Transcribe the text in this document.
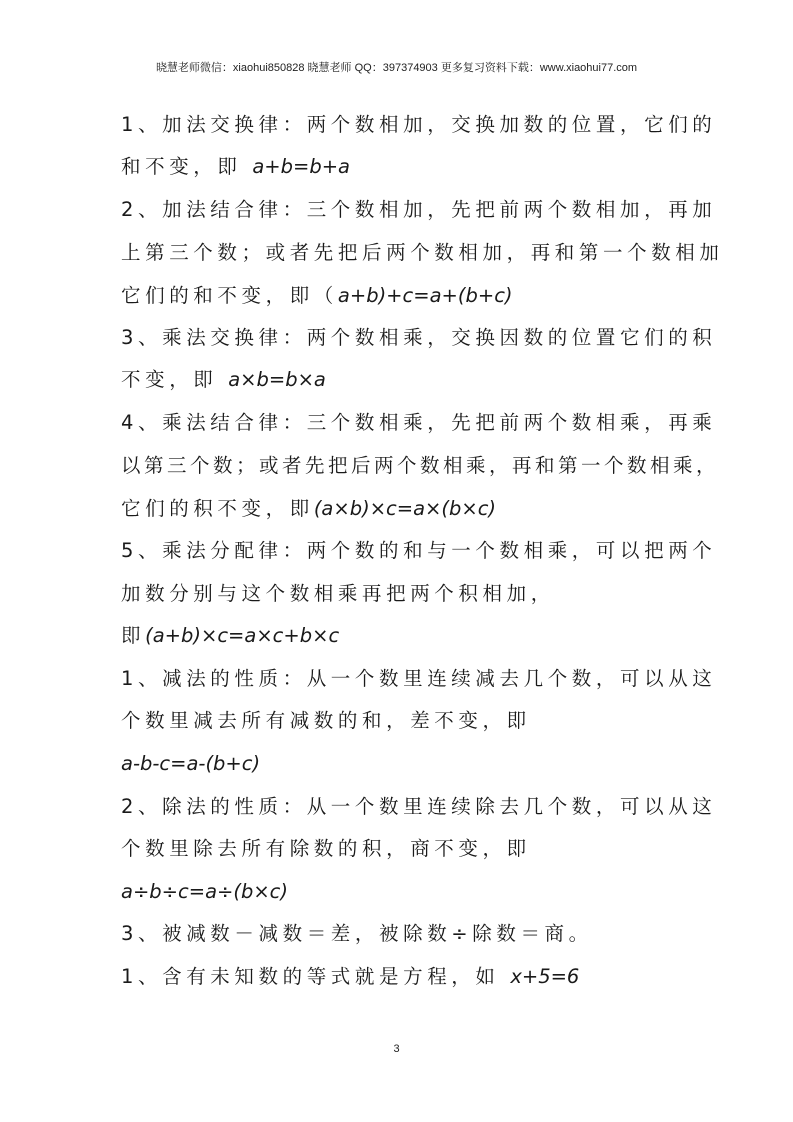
晓慧老师微信：xiaohui850828 晓慧老师 QQ：397374903 更多复习资料下载：www.xiaohui77.com
1、加法交换律：两个数相加，交换加数的位置，它们的
和不变，即 a+b=b+a
2、加法结合律：三个数相加，先把前两个数相加，再加
上第三个数；或者先把后两个数相加，再和第一个数相加
它们的和不变，即（a+b)+c=a+(b+c)
3、乘法交换律：两个数相乘，交换因数的位置它们的积
不变，即 a×b=b×a
4、乘法结合律：三个数相乘，先把前两个数相乘，再乘
以第三个数；或者先把后两个数相乘，再和第一个数相乘，
它们的积不变，即(a×b)×c=a×(b×c)
5、乘法分配律：两个数的和与一个数相乘，可以把两个
加数分别与这个数相乘再把两个积相加，
即(a+b)×c=a×c+b×c
1、减法的性质：从一个数里连续减去几个数，可以从这
个数里减去所有减数的和，差不变，即
a-b-c=a-(b+c)
2、除法的性质：从一个数里连续除去几个数，可以从这
个数里除去所有除数的积，商不变，即
a÷b÷c=a÷(b×c)
3、被减数－减数＝差，被除数÷除数＝商。
1、含有未知数的等式就是方程，如 x+5=6
3
